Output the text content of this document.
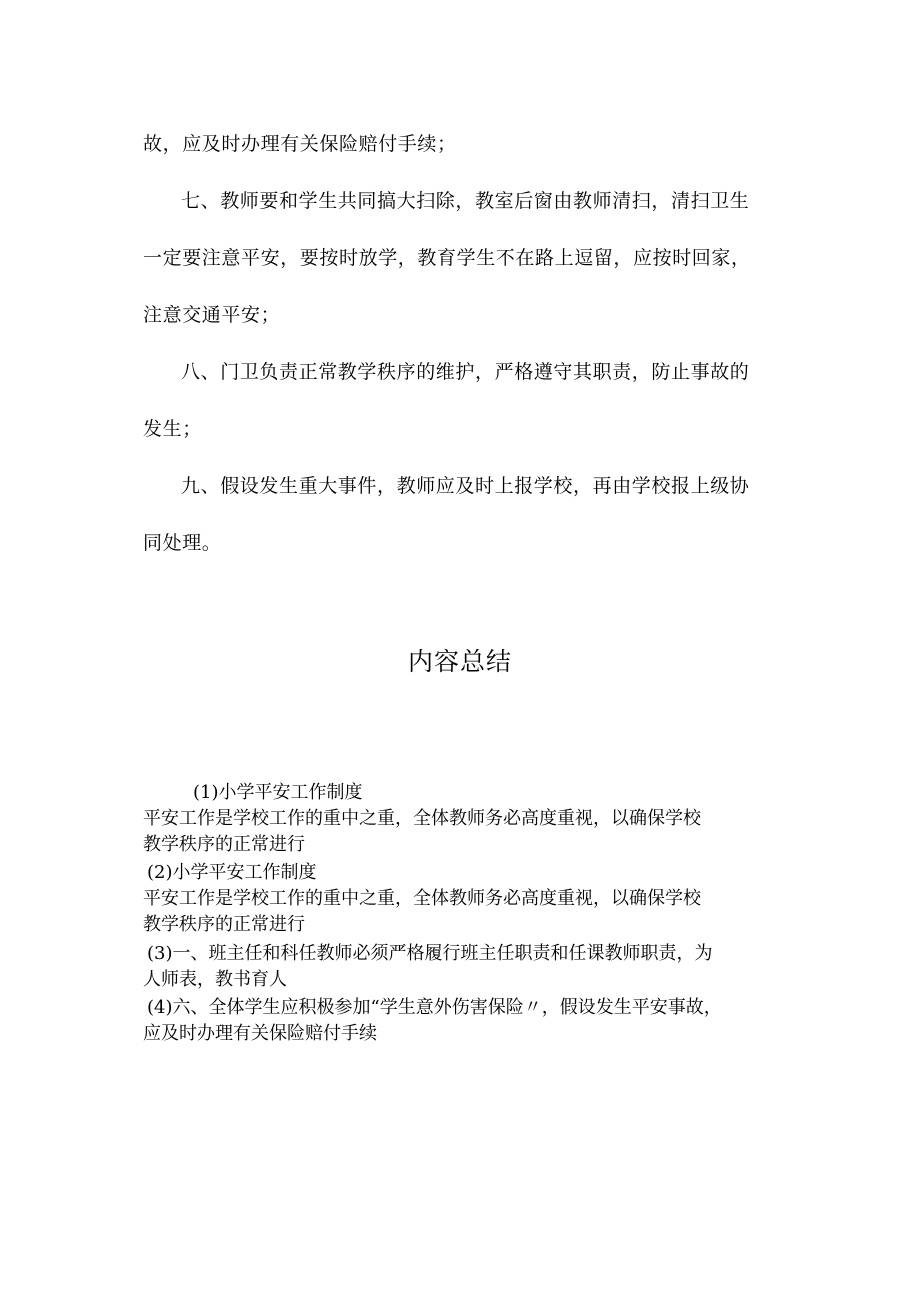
故，应及时办理有关保险赔付手续；

七、教师要和学生共同搞大扫除，教室后窗由教师清扫，清扫卫生

一定要注意平安，要按时放学，教育学生不在路上逗留，应按时回家，

注意交通平安；

八、门卫负责正常教学秩序的维护，严格遵守其职责，防止事故的

发生；

九、假设发生重大事件，教师应及时上报学校，再由学校报上级协

同处理。

内容总结

(1)小学平安工作制度

平安工作是学校工作的重中之重，全体教师务必高度重视，以确保学校

教学秩序的正常进行

(2)小学平安工作制度

平安工作是学校工作的重中之重，全体教师务必高度重视，以确保学校

教学秩序的正常进行

(3)一、班主任和科任教师必须严格履行班主任职责和任课教师职责，为

人师表，教书育人

(4)六、全体学生应积极参加“学生意外伤害保险〃，假设发生平安事故，

应及时办理有关保险赔付手续
